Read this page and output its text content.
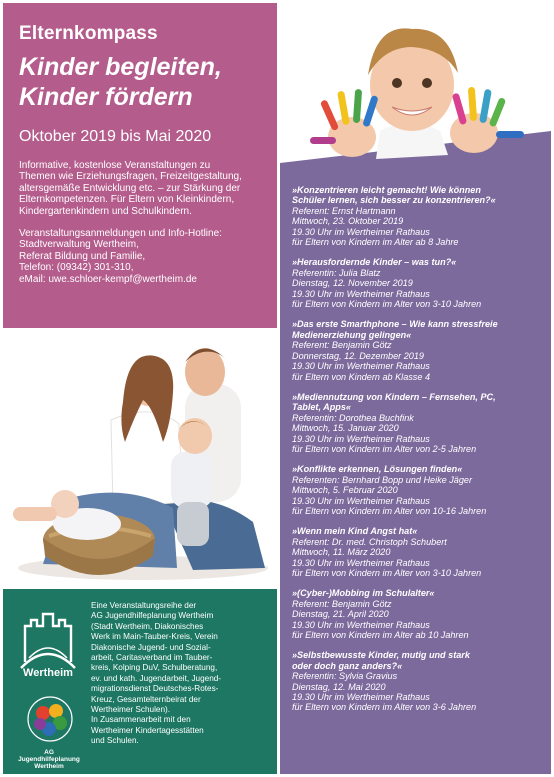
Elternkompass
Kinder begleiten,
Kinder fördern
Oktober 2019 bis Mai 2020
Informative, kostenlose Veranstaltungen zu
Themen wie Erziehungsfragen, Freizeitgestaltung,
altersgemäße Entwicklung etc. – zur Stärkung der
Elternkompetenzen. Für Eltern von Kleinkindern,
Kindergartenkindern und Schulkindern.
Veranstaltungsanmeldungen und Info-Hotline:
Stadtverwaltung Wertheim,
Referat Bildung und Familie,
Telefon: (09342) 301-310,
eMail: uwe.schloer-kempf@wertheim.de
Wertheim
AG Jugendhilfeplanung Wertheim
Eine Veranstaltungsreihe der
AG Jugendhilfeplanung Wertheim
(Stadt Wertheim, Diakonisches
Werk im Main-Tauber-Kreis, Verein
Diakonische Jugend- und Sozial-
arbeit, Caritasverband im Tauber-
kreis, Kolping DuV, Schulberatung,
ev. und kath. Jugendarbeit, Jugend-
migrationsdienst Deutsches-Rotes-
Kreuz, Gesamtelternbeirat der
Wertheimer Schulen).
In Zusammenarbeit mit den
Wertheimer Kindertagesstätten
und Schulen.
»Konzentrieren leicht gemacht! Wie können
Schüler lernen, sich besser zu konzentrieren?«
Referent: Ernst Hartmann
Mittwoch, 23. Oktober 2019
19.30 Uhr im Wertheimer Rathaus
für Eltern von Kindern im Alter ab 8 Jahre
»Herausfordernde Kinder – was tun?«
Referentin: Julia Blatz
Dienstag, 12. November 2019
19.30 Uhr im Wertheimer Rathaus
für Eltern von Kindern im Alter von 3-10 Jahren
»Das erste Smarthphone – Wie kann stressfreie
Medienerziehung gelingen«
Referent: Benjamin Götz
Donnerstag, 12. Dezember 2019
19.30 Uhr im Wertheimer Rathaus
für Eltern von Kindern ab Klasse 4
»Mediennutzung von Kindern – Fernsehen, PC,
Tablet, Apps«
Referentin: Dorothea Buchfink
Mittwoch, 15. Januar 2020
19.30 Uhr im Wertheimer Rathaus
für Eltern von Kindern im Alter von 2-5 Jahren
»Konflikte erkennen, Lösungen finden«
Referenten: Bernhard Bopp und Heike Jäger
Mittwoch, 5. Februar 2020
19.30 Uhr im Wertheimer Rathaus
für Eltern von Kindern im Alter von 10-16 Jahren
»Wenn mein Kind Angst hat«
Referent: Dr. med. Christoph Schubert
Mittwoch, 11. März 2020
19.30 Uhr im Wertheimer Rathaus
für Eltern von Kindern im Alter von 3-10 Jahren
»(Cyber-)Mobbing im Schulalter«
Referent: Benjamin Götz
Dienstag, 21. April 2020
19.30 Uhr im Wertheimer Rathaus
für Eltern von Kindern im Alter ab 10 Jahren
»Selbstbewusste Kinder, mutig und stark
oder doch ganz anders?«
Referentin: Sylvia Gravius
Dienstag, 12. Mai 2020
19.30 Uhr im Wertheimer Rathaus
für Eltern von Kindern im Alter von 3-6 Jahren
